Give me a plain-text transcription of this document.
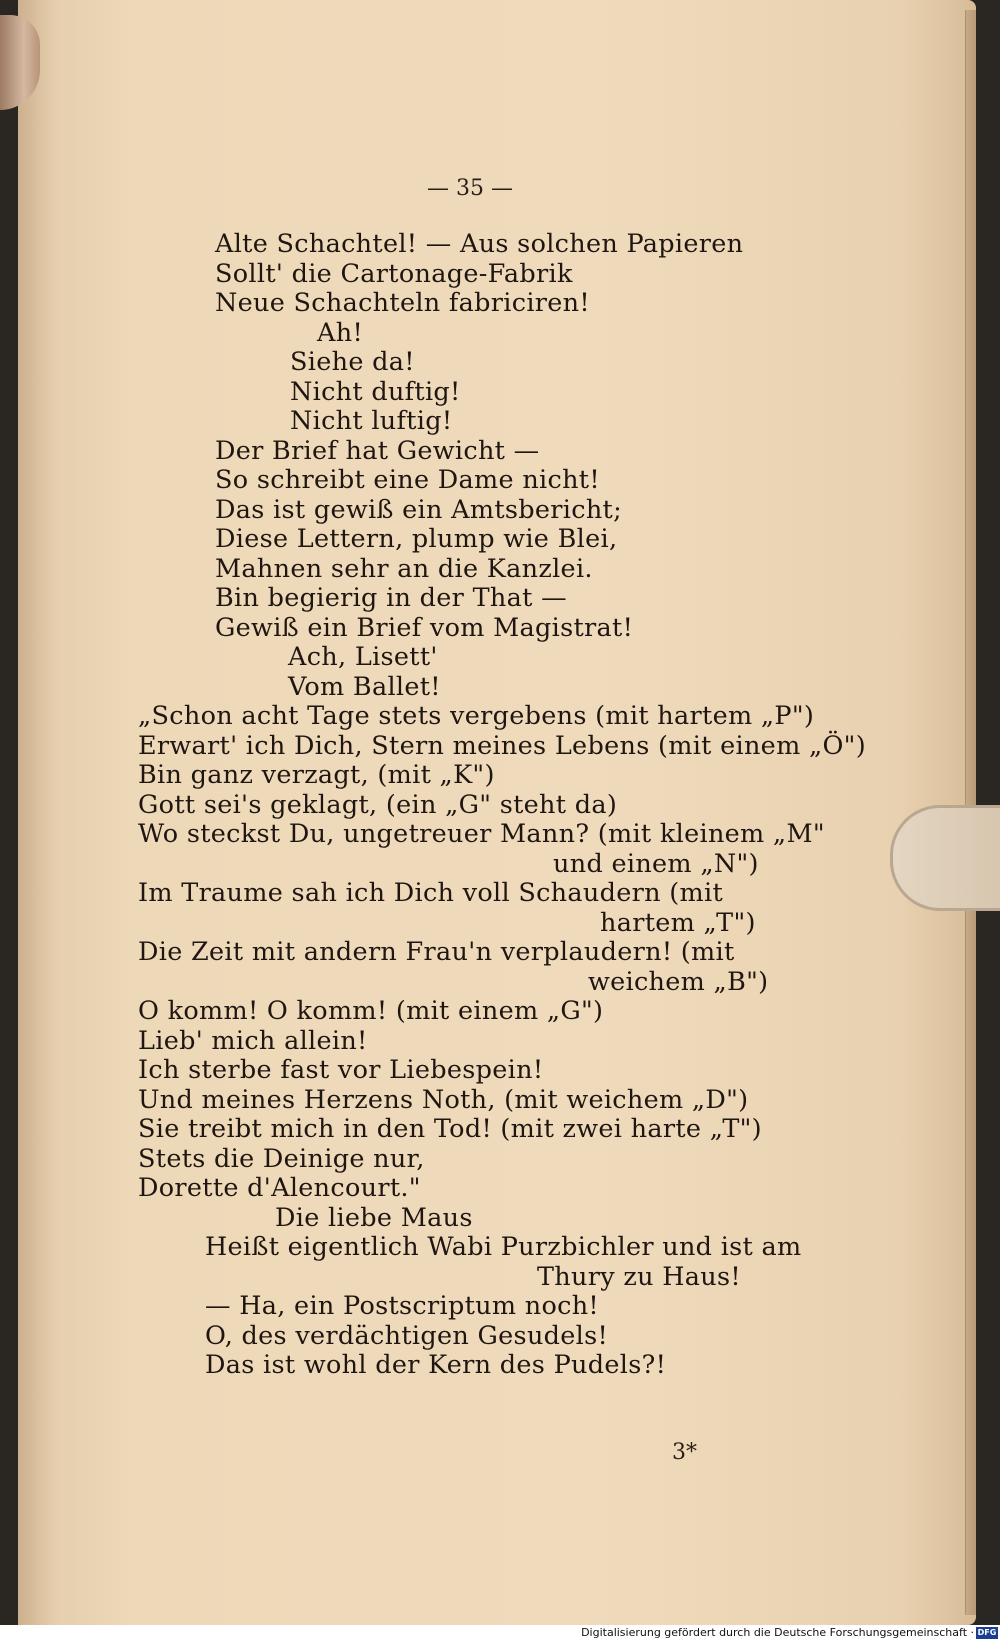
— 35 —
Alte Schachtel! — Aus solchen Papieren
Sollt' die Cartonage-Fabrik
Neue Schachteln fabriciren!
Ah!
Siehe da!
Nicht duftig!
Nicht luftig!
Der Brief hat Gewicht —
So schreibt eine Dame nicht!
Das ist gewiß ein Amtsbericht;
Diese Lettern, plump wie Blei,
Mahnen sehr an die Kanzlei.
Bin begierig in der That —
Gewiß ein Brief vom Magistrat!
Ach, Lisett'
Vom Ballet!
„Schon acht Tage stets vergebens (mit hartem „P")
Erwart' ich Dich, Stern meines Lebens (mit einem „Ö")
Bin ganz verzagt, (mit „K")
Gott sei's geklagt, (ein „G" steht da)
Wo steckst Du, ungetreuer Mann? (mit kleinem „M"
und einem „N")
Im Traume sah ich Dich voll Schaudern (mit
hartem „T")
Die Zeit mit andern Frau'n verplaudern! (mit
weichem „B")
O komm! O komm! (mit einem „G")
Lieb' mich allein!
Ich sterbe fast vor Liebespein!
Und meines Herzens Noth, (mit weichem „D")
Sie treibt mich in den Tod! (mit zwei harte „T")
Stets die Deinige nur,
Dorette d'Alencourt."
Die liebe Maus
Heißt eigentlich Wabi Purzbichler und ist am
Thury zu Haus!
— Ha, ein Postscriptum noch!
O, des verdächtigen Gesudels!
Das ist wohl der Kern des Pudels?!
3*
Digitalisierung gefördert durch die Deutsche Forschungsgemeinschaft · DFG
